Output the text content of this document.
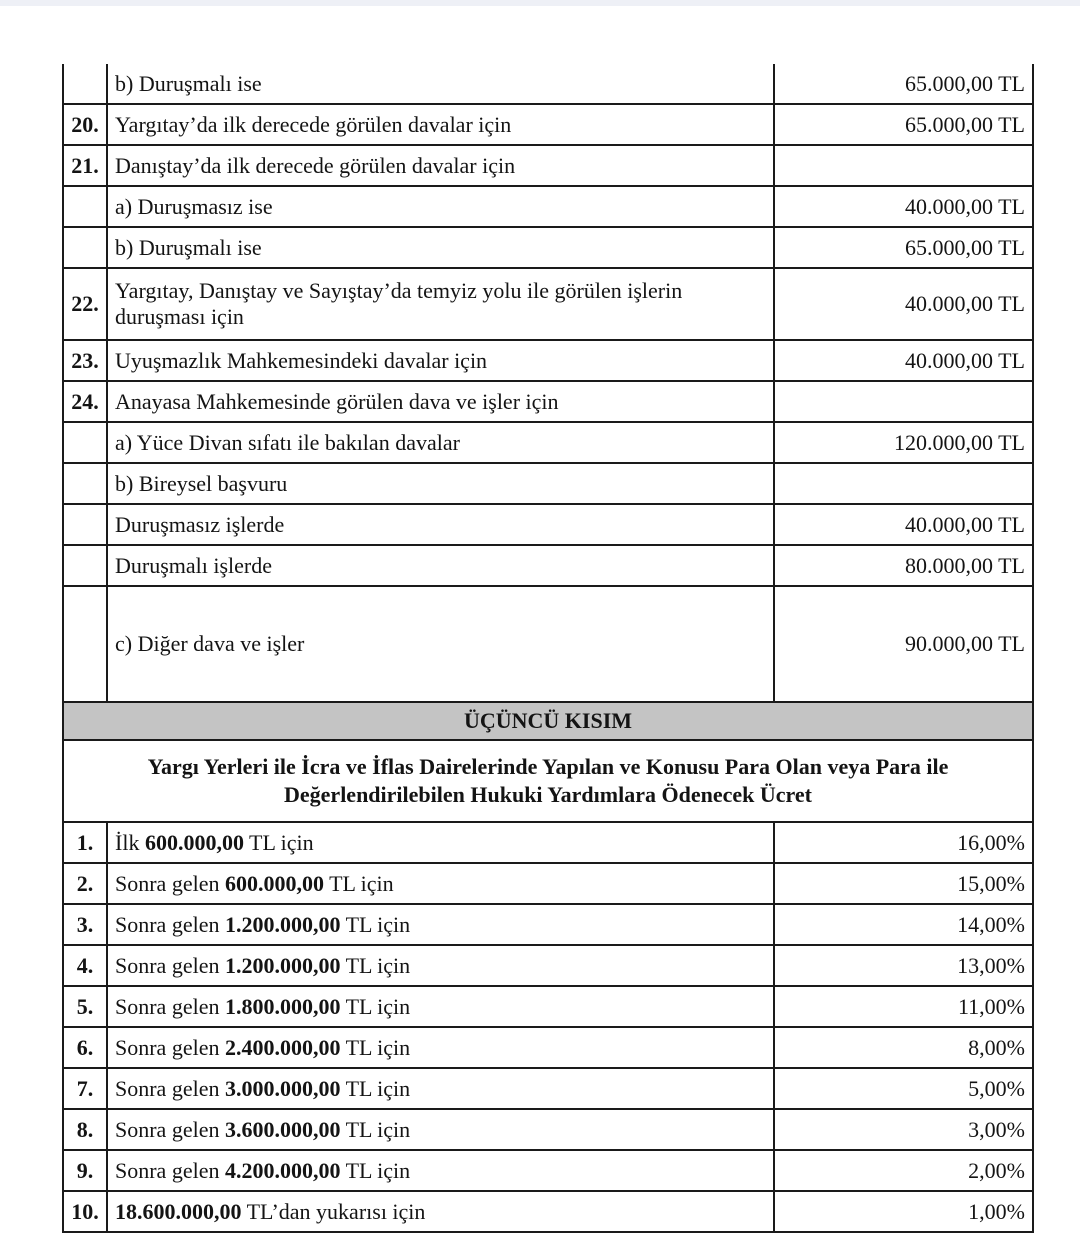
	b) Duruşmalı ise	65.000,00 TL
20.	Yargıtay’da ilk derecede görülen davalar için	65.000,00 TL
21.	Danıştay’da ilk derecede görülen davalar için	
	a) Duruşmasız ise	40.000,00 TL
	b) Duruşmalı ise	65.000,00 TL
22.	Yargıtay, Danıştay ve Sayıştay’da temyiz yolu ile görülen işlerin duruşması için	40.000,00 TL
23.	Uyuşmazlık Mahkemesindeki davalar için	40.000,00 TL
24.	Anayasa Mahkemesinde görülen dava ve işler için	
	a) Yüce Divan sıfatı ile bakılan davalar	120.000,00 TL
	b) Bireysel başvuru	
	Duruşmasız işlerde	40.000,00 TL
	Duruşmalı işlerde	80.000,00 TL
	c) Diğer dava ve işler	90.000,00 TL
ÜÇÜNCÜ KISIM		

Yargı Yerleri ile İcra ve İflas Dairelerinde Yapılan ve Konusu Para Olan veya Para ile
Değerlendirilebilen Hukuki Yardımlara Ödenecek Ücret		

1.	İlk 600.000,00 TL için	16,00%
2.	Sonra gelen 600.000,00 TL için	15,00%
3.	Sonra gelen 1.200.000,00 TL için	14,00%
4.	Sonra gelen 1.200.000,00 TL için	13,00%
5.	Sonra gelen 1.800.000,00 TL için	11,00%
6.	Sonra gelen 2.400.000,00 TL için	8,00%
7.	Sonra gelen 3.000.000,00 TL için	5,00%
8.	Sonra gelen 3.600.000,00 TL için	3,00%
9.	Sonra gelen 4.200.000,00 TL için	2,00%
10.	18.600.000,00 TL’dan yukarısı için	1,00%
